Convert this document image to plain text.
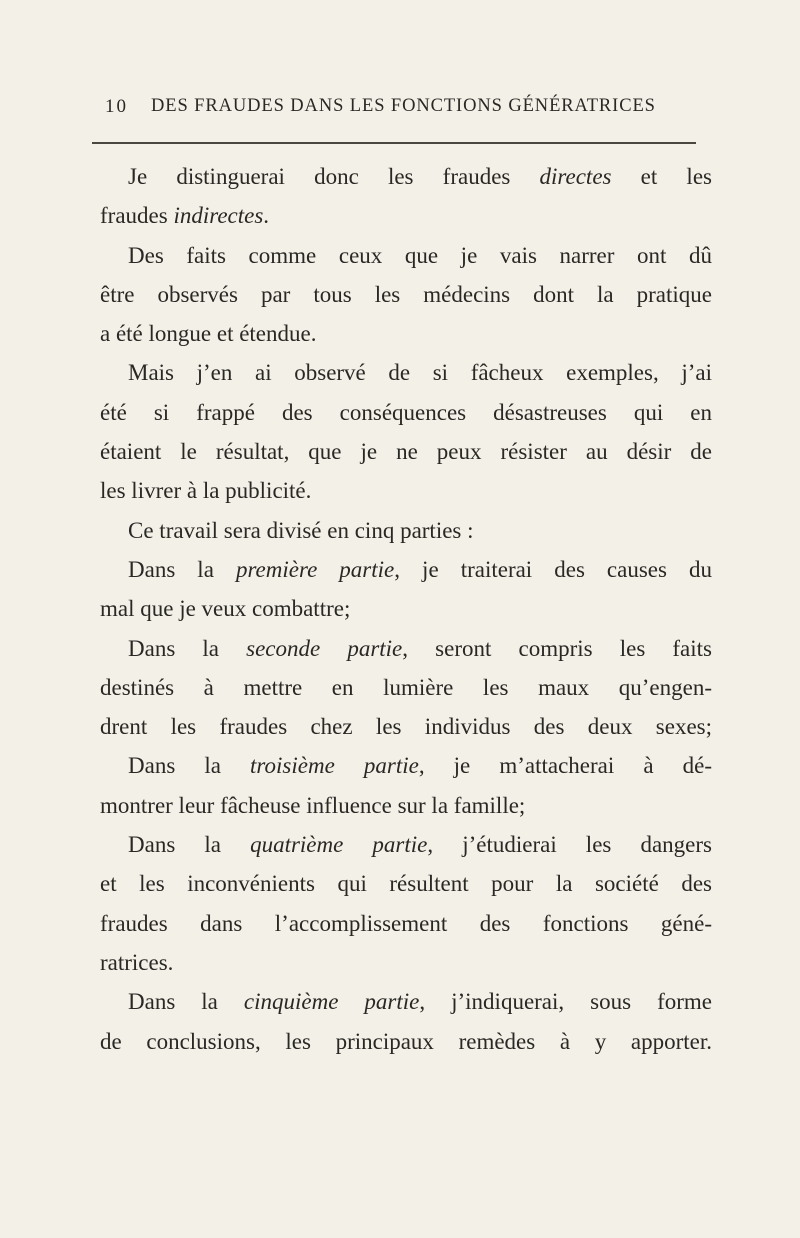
10 DES FRAUDES DANS LES FONCTIONS GÉNÉRATRICES
Je distinguerai donc les fraudes directes et les
fraudes indirectes.
Des faits comme ceux que je vais narrer ont dû
être observés par tous les médecins dont la pratique
a été longue et étendue.
Mais j’en ai observé de si fâcheux exemples, j’ai
été si frappé des conséquences désastreuses qui en
étaient le résultat, que je ne peux résister au désir de
les livrer à la publicité.
Ce travail sera divisé en cinq parties :
Dans la première partie, je traiterai des causes du
mal que je veux combattre;
Dans la seconde partie, seront compris les faits
destinés à mettre en lumière les maux qu’engen-
drent les fraudes chez les individus des deux sexes;
Dans la troisième partie, je m’attacherai à dé-
montrer leur fâcheuse influence sur la famille;
Dans la quatrième partie, j’étudierai les dangers
et les inconvénients qui résultent pour la société des
fraudes dans l’accomplissement des fonctions géné-
ratrices.
Dans la cinquième partie, j’indiquerai, sous forme
de conclusions, les principaux remèdes à y apporter.
